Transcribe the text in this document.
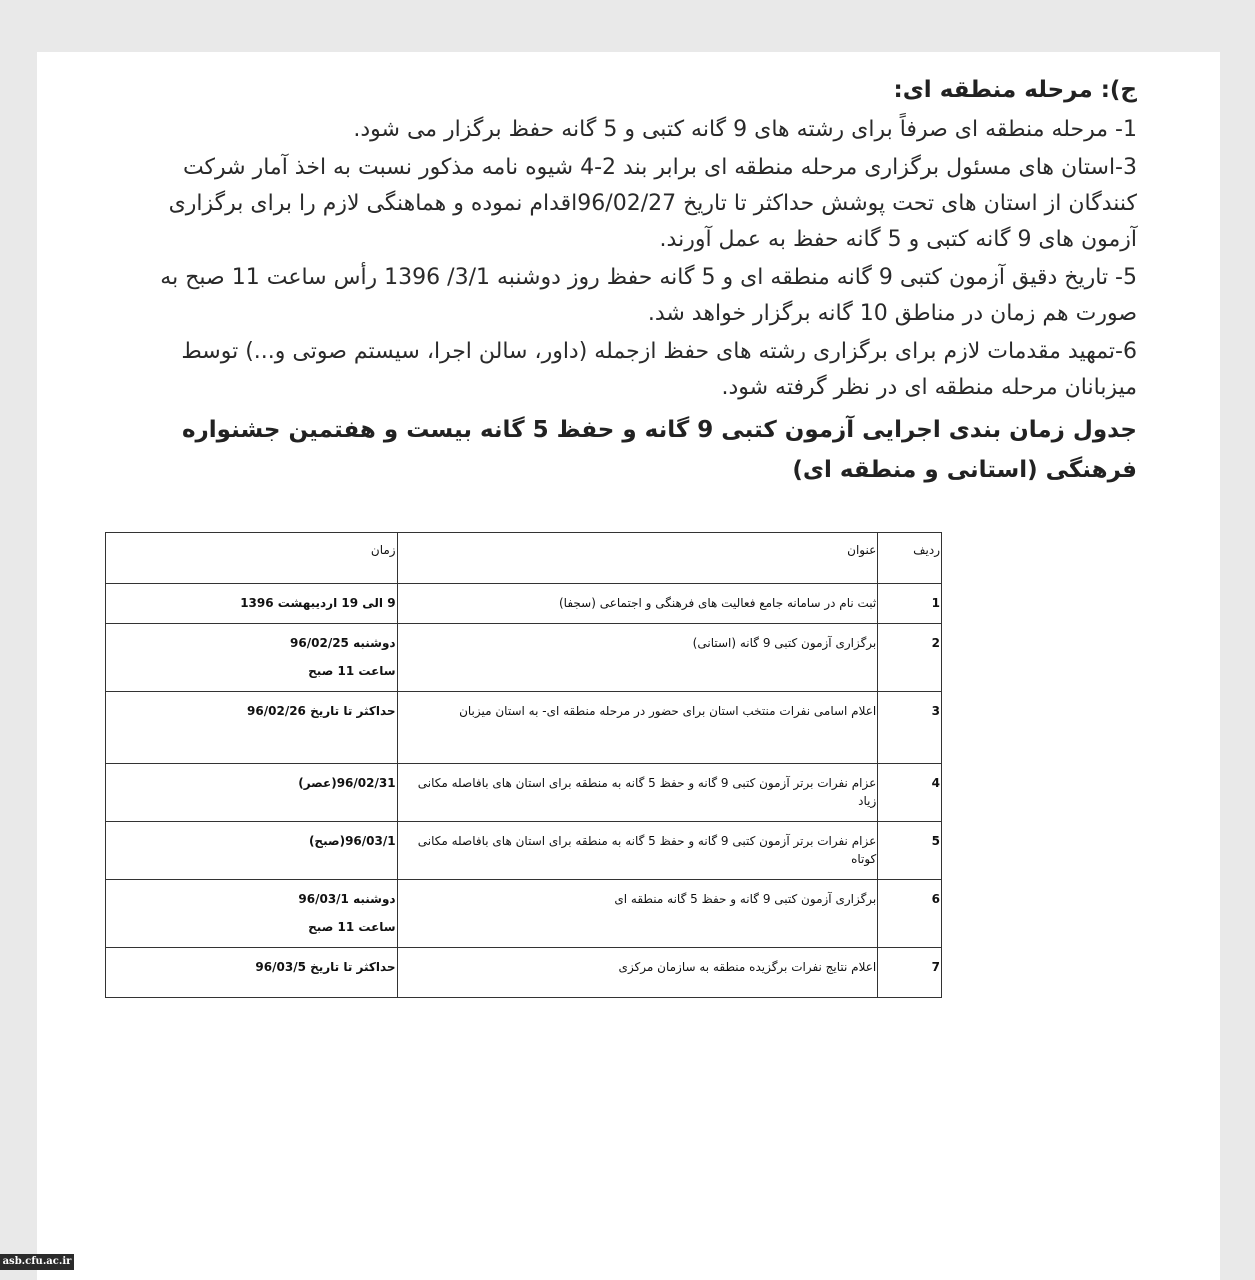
ج): مرحله منطقه ای:
1- مرحله منطقه ای صرفاً برای رشته های 9 گانه کتبی و 5 گانه حفظ برگزار می شود.
3-استان های مسئول برگزاری مرحله منطقه ای برابر بند 2-4 شیوه نامه مذکور نسبت به اخذ آمار شرکت کنندگان از استان های تحت پوشش حداکثر تا تاریخ 96/02/27اقدام نموده و هماهنگی لازم را برای برگزاری آزمون های 9 گانه کتبی و 5 گانه حفظ به عمل آورند.
5- تاریخ دقیق آزمون کتبی 9 گانه منطقه ای و 5 گانه حفظ روز دوشنبه 3/1/ 1396 رأس ساعت 11 صبح به صورت هم زمان در مناطق 10 گانه برگزار خواهد شد.
6-تمهید مقدمات لازم برای برگزاری رشته های حفظ ازجمله (داور، سالن اجرا، سیستم صوتی و...) توسط میزبانان مرحله منطقه ای در نظر گرفته شود.
جدول زمان بندی اجرایی آزمون کتبی 9 گانه و حفظ 5 گانه بیست و هفتمین جشنواره فرهنگی (استانی و منطقه ای)
ردیف	عنوان	زمان
1	ثبت نام در سامانه جامع فعالیت های فرهنگی و اجتماعی (سجفا)	9 الی 19 اردیبهشت 1396
2	برگزاری آزمون کتبی 9 گانه (استانی)	دوشنبه 96/02/25
ساعت 11 صبح

3	اعلام اسامی نفرات منتخب استان برای حضور در مرحله منطقه ای- به استان میزبان	حداکثر تا تاریخ 96/02/26
4	عزام نفرات برتر آزمون کتبی 9 گانه و حفظ 5 گانه به منطقه برای استان های بافاصله مکانی زیاد	96/02/31(عصر)
5	عزام نفرات برتر آزمون کتبی 9 گانه و حفظ 5 گانه به منطقه برای استان های بافاصله مکانی کوتاه	96/03/1(صبح)
6	برگزاری آزمون کتبی 9 گانه و حفظ 5 گانه منطقه ای	دوشنبه 96/03/1
ساعت 11 صبح

7	اعلام نتایج نفرات برگزیده منطقه به سازمان مرکزی	حداکثر تا تاریخ 96/03/5
asb.cfu.ac.ir
